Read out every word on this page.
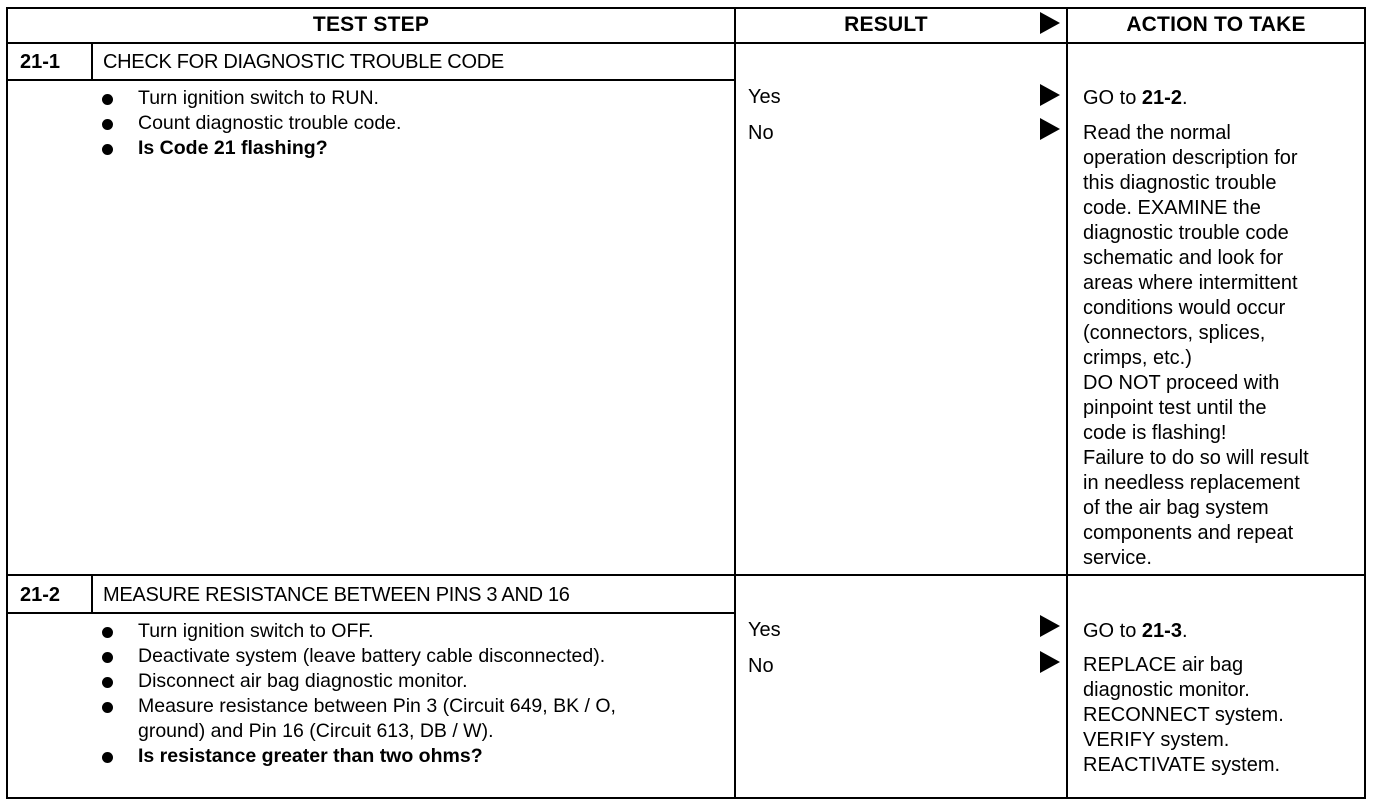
TEST STEP	RESULT	ACTION TO TAKE
21-1 CHECK FOR DIAGNOSTIC TROUBLE CODE
Turn ignition switch to RUN.
Count diagnostic trouble code.
Is Code 21 flashing?
Yes
No
GO to 21-2.
Read the normal
operation description for
this diagnostic trouble
code. EXAMINE the
diagnostic trouble code
schematic and look for
areas where intermittent
conditions would occur
(connectors, splices,
crimps, etc.)
DO NOT proceed with
pinpoint test until the
code is flashing!
Failure to do so will result
in needless replacement
of the air bag system
components and repeat
service.
21-2 MEASURE RESISTANCE BETWEEN PINS 3 AND 16
Turn ignition switch to OFF.
Deactivate system (leave battery cable disconnected).
Disconnect air bag diagnostic monitor.
Measure resistance between Pin 3 (Circuit 649, BK / O, ground) and Pin 16 (Circuit 613, DB / W).
Is resistance greater than two ohms?
Yes
No
GO to 21-3.
REPLACE air bag
diagnostic monitor.
RECONNECT system.
VERIFY system.
REACTIVATE system.
